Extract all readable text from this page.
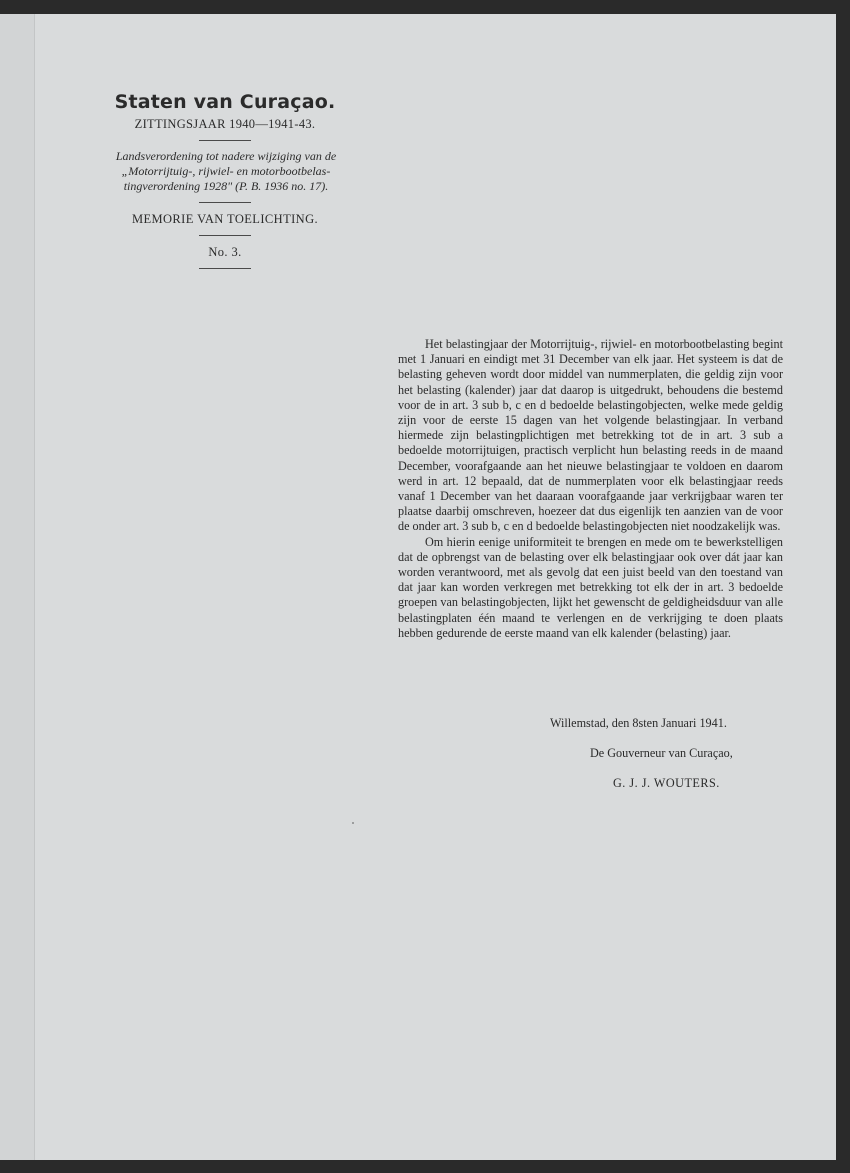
Staten van Curaçao.
ZITTINGSJAAR 1940—1941-43.
Landsverordening tot nadere wijziging van de
„Motorrijtuig-, rijwiel- en motorbootbelas-
tingverordening 1928" (P. B. 1936 no. 17).
MEMORIE VAN TOELICHTING.
No. 3.

Het belastingjaar der Motorrijtuig-, rijwiel- en motorbootbelasting begint met 1 Januari en eindigt met 31 December van elk jaar. Het systeem is dat de belasting geheven wordt door middel van nummerplaten, die geldig zijn voor het belasting (kalender) jaar dat daarop is uitgedrukt, behoudens die bestemd voor de in art. 3 sub b, c en d bedoelde belastingobjecten, welke mede geldig zijn voor de eerste 15 dagen van het volgende belastingjaar. In verband hiermede zijn belastingplichtigen met betrekking tot de in art. 3 sub a bedoelde motorrijtuigen, practisch verplicht hun belasting reeds in de maand December, voorafgaande aan het nieuwe belastingjaar te voldoen en daarom werd in art. 12 bepaald, dat de nummerplaten voor elk belastingjaar reeds vanaf 1 December van het daaraan voorafgaande jaar verkrijgbaar waren ter plaatse daarbij omschreven, hoezeer dat dus eigenlijk ten aanzien van de voor de onder art. 3 sub b, c en d bedoelde belastingobjecten niet noodzakelijk was.

Om hierin eenige uniformiteit te brengen en mede om te bewerkstelligen dat de opbrengst van de belasting over elk belastingjaar ook over dát jaar kan worden verantwoord, met als gevolg dat een juist beeld van den toestand van dat jaar kan worden verkregen met betrekking tot elk der in art. 3 bedoelde groepen van belastingobjecten, lijkt het gewenscht de geldigheidsduur van alle belastingplaten één maand te verlengen en de verkrijging te doen plaats hebben gedurende de eerste maand van elk kalender (belasting) jaar.

Willemstad, den 8sten Januari 1941.
De Gouverneur van Curaçao,
G. J. J. WOUTERS.
